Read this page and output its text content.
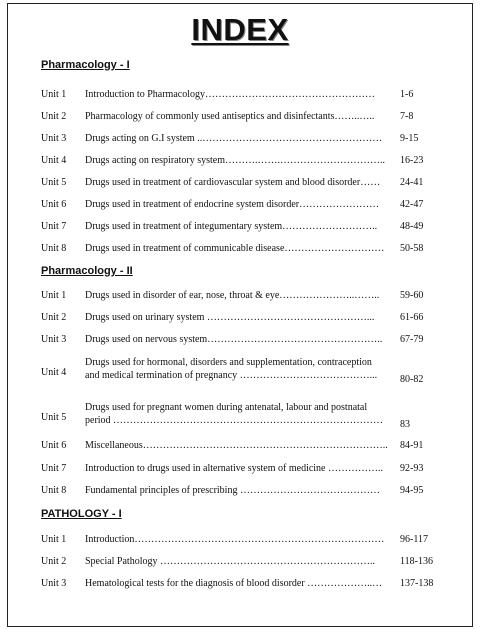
INDEX
Pharmacology - I
Unit 1 Introduction to Pharmacology……………………………………………	1-6
Unit 2 Pharmacology of commonly used antiseptics and disinfectants……..…..	7-8
Unit 3 Drugs acting on G.I system ..……………………………………………… 9-15
Unit 4 Drugs acting on respiratory system……….…….………………………….. 16-23
Unit 5 Drugs used in treatment of cardiovascular system and blood disorder…… 24-41
Unit 6 Drugs used in treatment of endocrine system disorder…………………… 42-47
Unit 7 Drugs used in treatment of integumentary system……………………….. 48-49
Unit 8 Drugs used in treatment of communicable disease………………………… 50-58
Pharmacology - II
Unit 1 Drugs used in disorder of ear, nose, throat & eye…………………..…….. 59-60
Unit 2 Drugs used on urinary system …………………………………………...	61-66
Unit 3 Drugs used on nervous system…………………………………………….. 67-79
Unit 4
Drugs used for hormonal, disorders and supplementation, contraception
and medical termination of pregnancy …………………………………... 80-82
Unit 5
Drugs used for pregnant women during antenatal, labour and postnatal
period ……………………………………………………………………… 83
Unit 6 Miscellaneous……………………………………………………………….. 84-91
Unit 7 Introduction to drugs used in alternative system of medicine …………….. 92-93
Unit 8 Fundamental principles of prescribing …………………………………… 94-95
PATHOLOGY - I
Unit 1 Introduction………………………………………………………………… 96-117
Unit 2 Special Pathology ………………………………………………………..	118-136
Unit 3 Hematological tests for the diagnosis of blood disorder ………………..… 137-138
